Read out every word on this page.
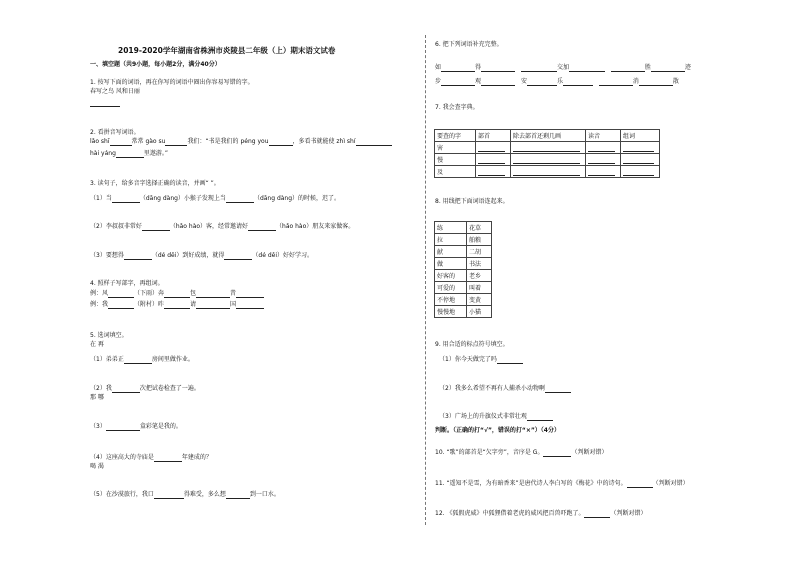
2019-2020学年湖南省株洲市炎陵县二年级（上）期末语文试卷
一、填空题（共9小题，每小题2分，满分40分）
1. 按写下面的词语，再在你写的词语中圈出你容易写错的字。
春写之鸟 风和日丽
2. 看拼音写词语。
lǎo shī	常常 gào su	我们：“书是我们的 péng you	，多看书就能使 zhì shí
hài yáng	里遨游。”
3. 读句子，给多音字选择正确的读音，并画“ ”。
（1）当	（dāng dàng）小猴子发现上当	（dāng dàng）的时候，迟了。
（2）李叔叔非常好	（hǎo hào）客，经常邀请好	（hǎo hào）朋友来家做客。
（3）要想得	（dé děi）到好成绩，就得	（dé děi）好好学习。
4. 照样子写部字，再组词。
例：风	（下雨）奔	包	昔
例：我	（附村）昨	请	国
5. 选词填空。
在 再
（1）弟弟正	房间里做作业。
（2）我	次把试卷检查了一遍。
那 哪
（3）	盒彩笔是我的。
（4）这座高大的寺庙是	年建成的？
喝 渴
（5）在沙漠旅行，我口	得难受，多么想	到一口水。
6. 把下列词语补充完整。
如	得	交加	胜	迹
步	观	安	乐	消	散
7. 我会查字典。
要查的字	部首	除去部首还剩几画	读音	组词
害	

慢	

及	

8. 用线把下面词语连起来。
练	花草
拉	舶粮
献	二胡
做	书法
好客的	老乡
可爱的	叫着
不停地	变黄
慢慢地	小猫
9. 用合适的标点符号填空。
（1）你今天做完了吗
（2）我多么希望不再有人捕杀小动物啊
（3）广场上的升旗仪式非常壮观
判断。（正确的打“√”，错误的打“×”）（4分）
10. “歌”的部首是“欠字旁”，音序是 G。	（判断对错）
11. “遥知不是雪，为有暗香来”是唐代诗人李白写的《梅花》中的诗句。	（判断对错）
12. 《狐假虎威》中狐狸借着老虎的威风把百兽吓跑了。	（判断对错）
